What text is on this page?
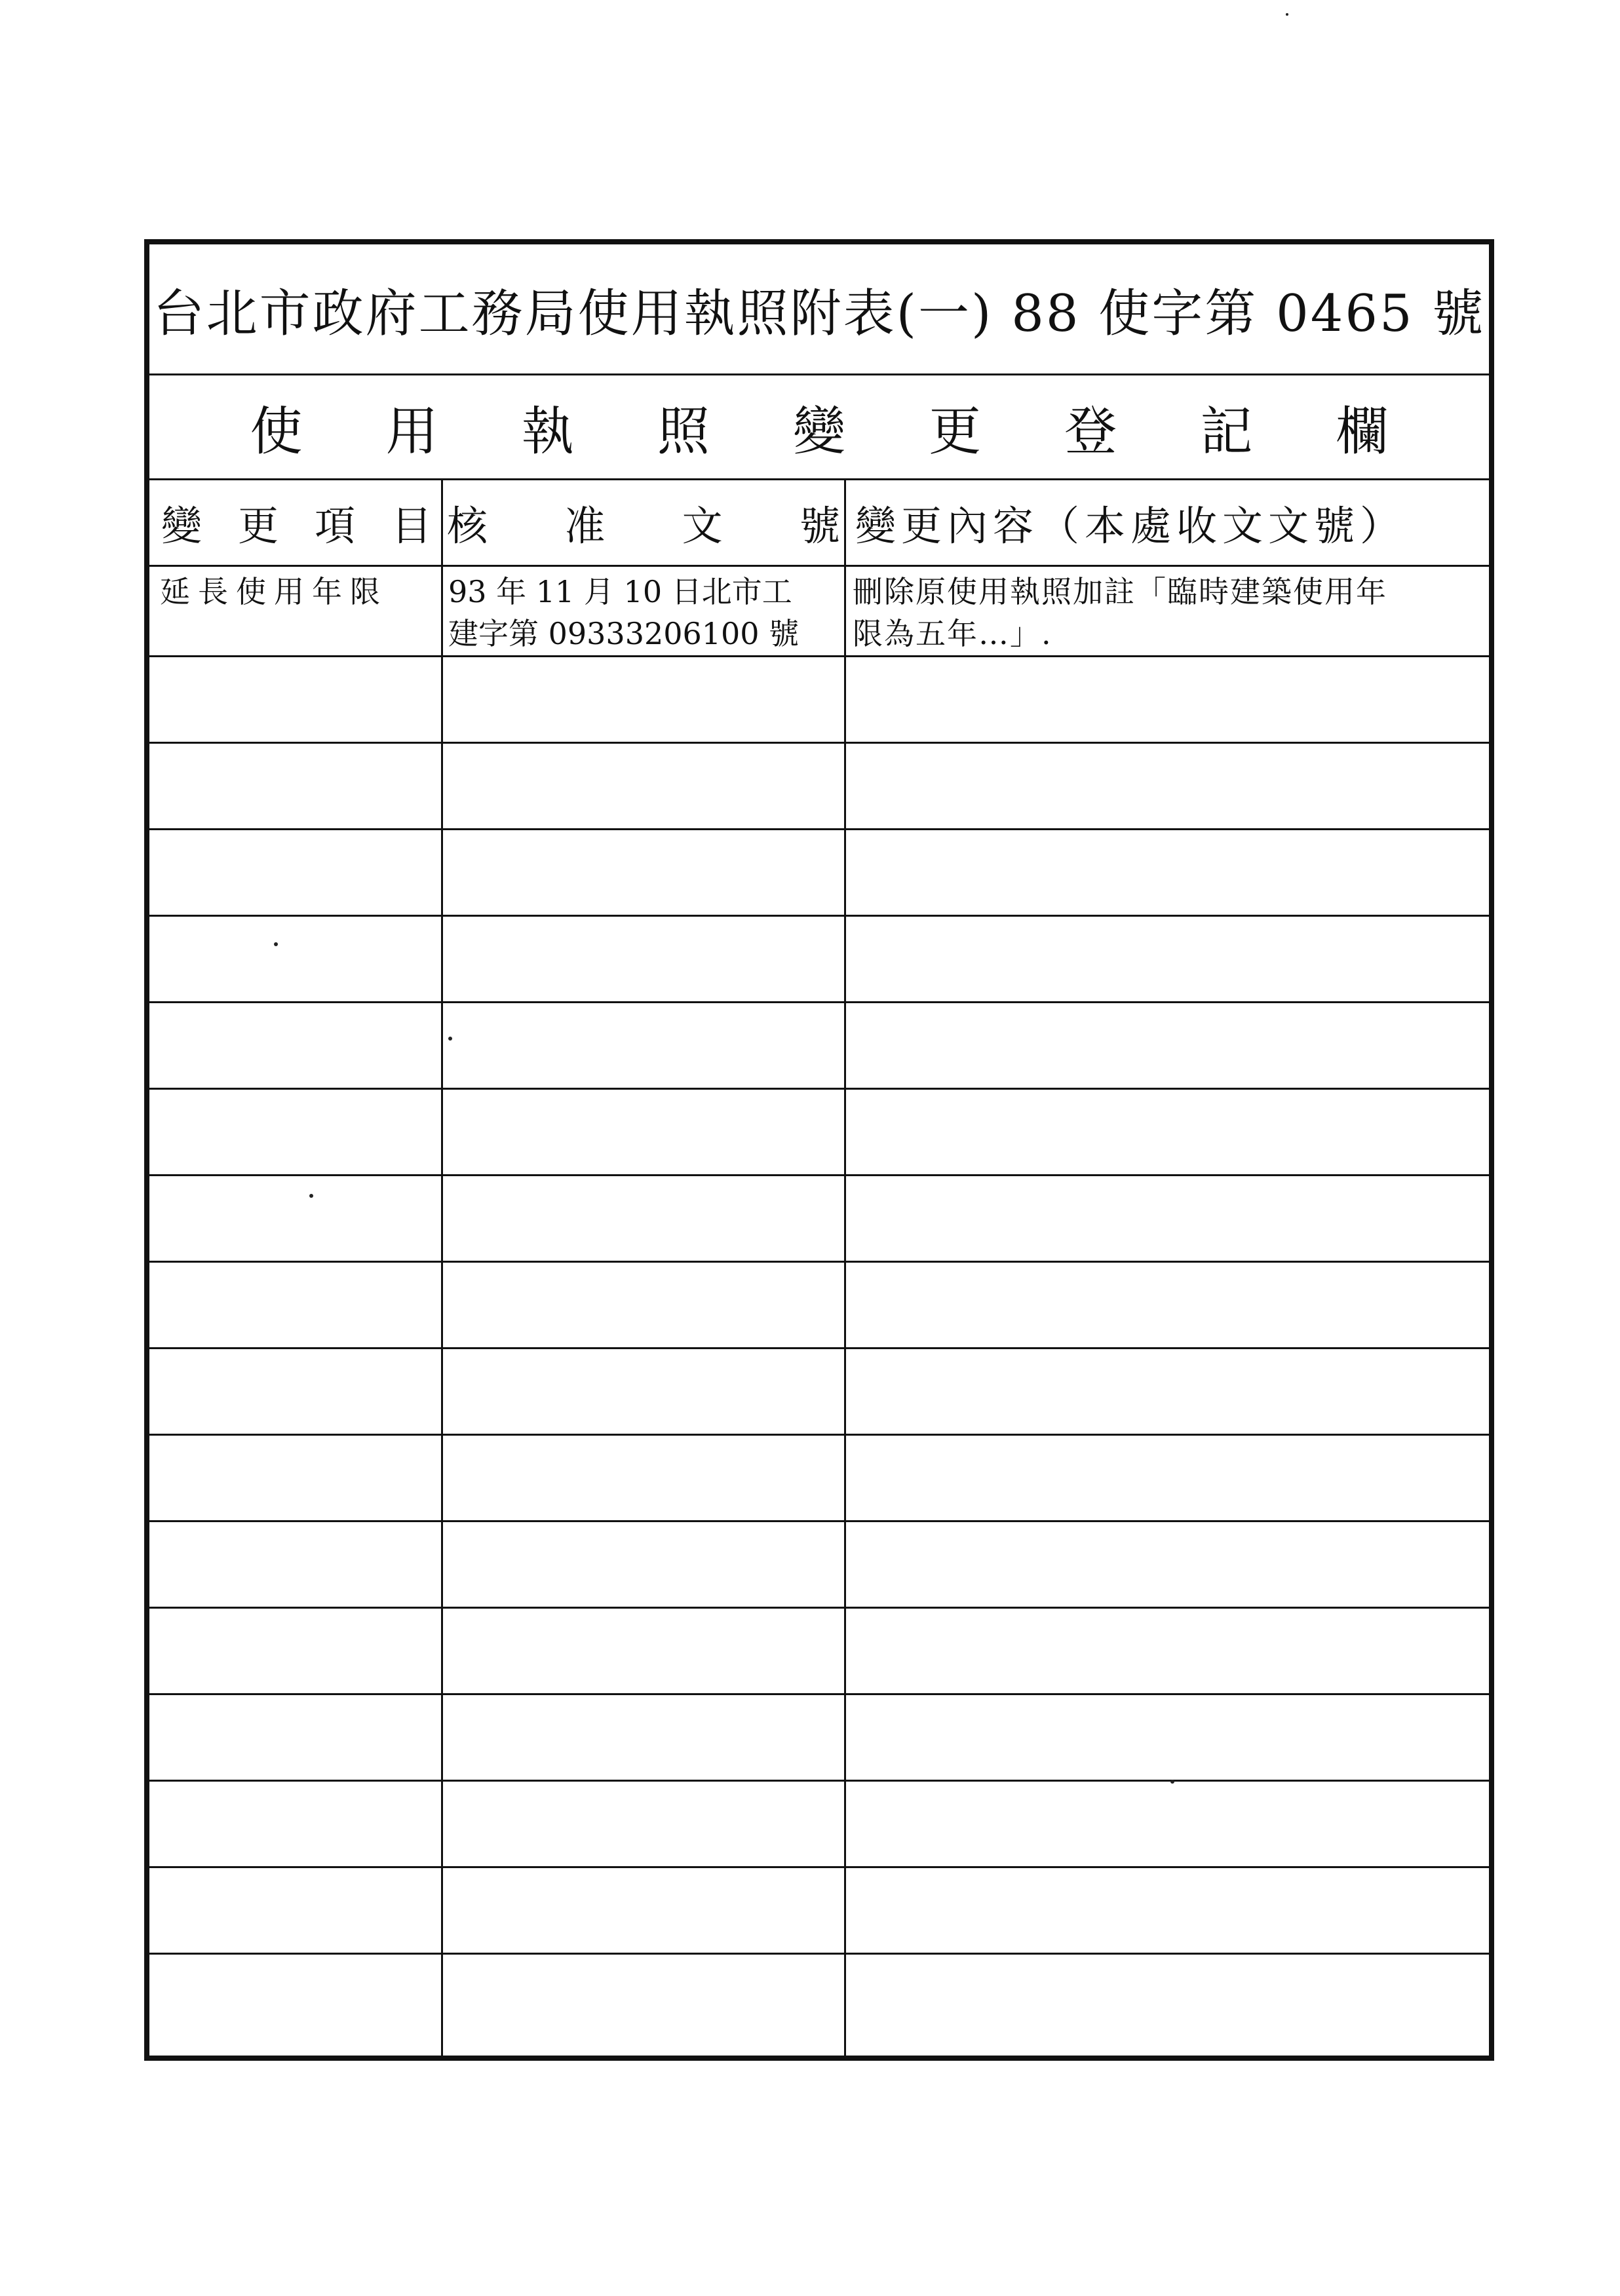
台北市政府工務局使用執照附表(一) 88 使字第 0465 號
使 用 執 照 變 更 登 記 欄
變 更 項 目 核 准 文 號 變更內容（本處收文文號）
延長使用年限	93 年 11 月 10 日北市工
建字第 09333206100 號
刪除原使用執照加註「臨時建築使用年
限為五年…」.
